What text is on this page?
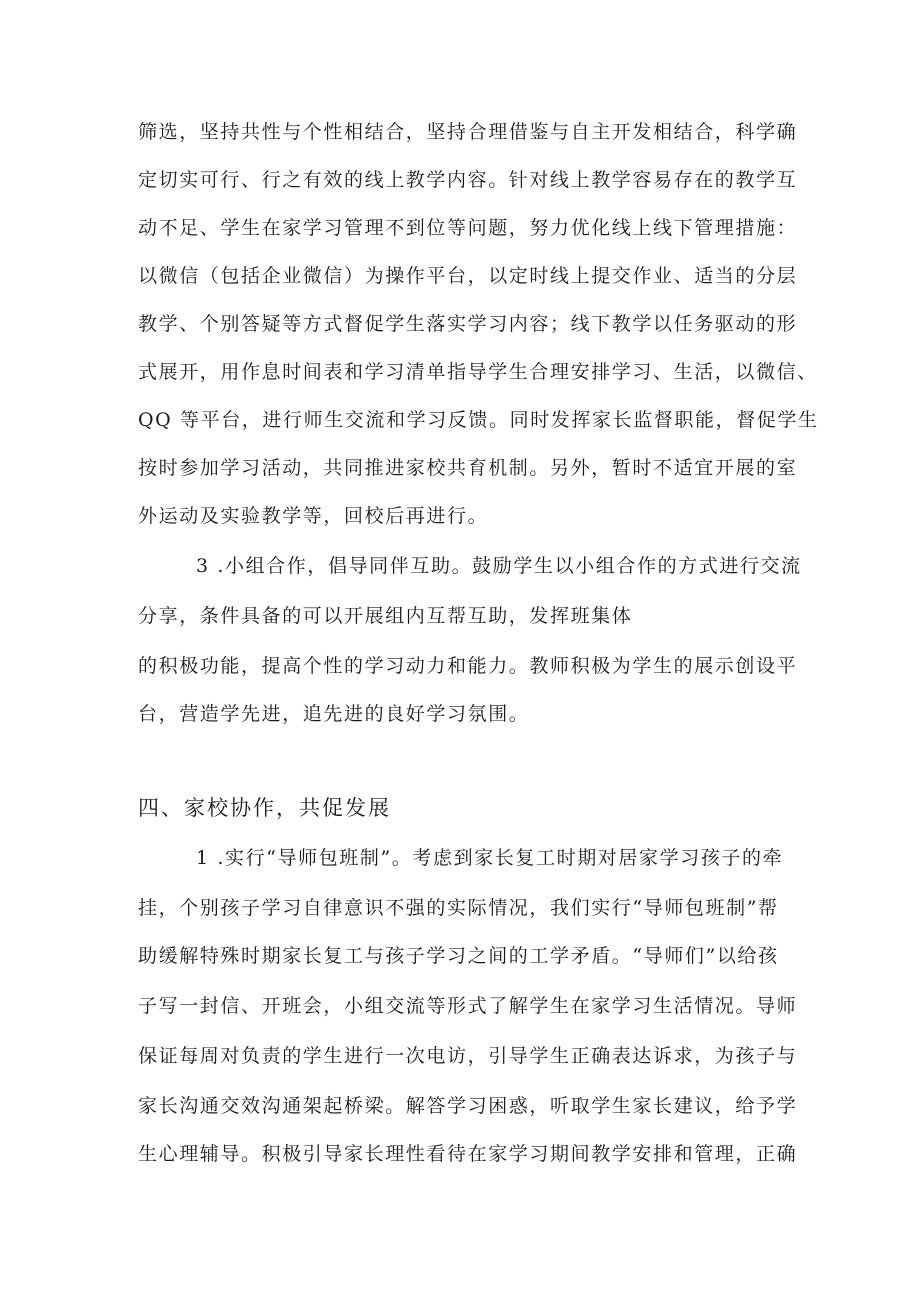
筛选，坚持共性与个性相结合，坚持合理借鉴与自主开发相结合，科学确
定切实可行、行之有效的线上教学内容。针对线上教学容易存在的教学互
动不足、学生在家学习管理不到位等问题，努力优化线上线下管理措施：
以微信（包括企业微信）为操作平台，以定时线上提交作业、适当的分层
教学、个别答疑等方式督促学生落实学习内容；线下教学以任务驱动的形
式展开，用作息时间表和学习清单指导学生合理安排学习、生活，以微信、
QQ 等平台，进行师生交流和学习反馈。同时发挥家长监督职能，督促学生
按时参加学习活动，共同推进家校共育机制。另外，暂时不适宜开展的室
外运动及实验教学等，回校后再进行。
3 .小组合作，倡导同伴互助。鼓励学生以小组合作的方式进行交流
分享，条件具备的可以开展组内互帮互助，发挥班集体
的积极功能，提高个性的学习动力和能力。教师积极为学生的展示创设平
台，营造学先进，追先进的良好学习氛围。
四、家校协作，共促发展
1 .实行“导师包班制”。考虑到家长复工时期对居家学习孩子的牵
挂，个别孩子学习自律意识不强的实际情况，我们实行“导师包班制”帮
助缓解特殊时期家长复工与孩子学习之间的工学矛盾。“导师们”以给孩
子写一封信、开班会，小组交流等形式了解学生在家学习生活情况。导师
保证每周对负责的学生进行一次电访，引导学生正确表达诉求，为孩子与
家长沟通交效沟通架起桥梁。解答学习困惑，听取学生家长建议，给予学
生心理辅导。积极引导家长理性看待在家学习期间教学安排和管理，正确
